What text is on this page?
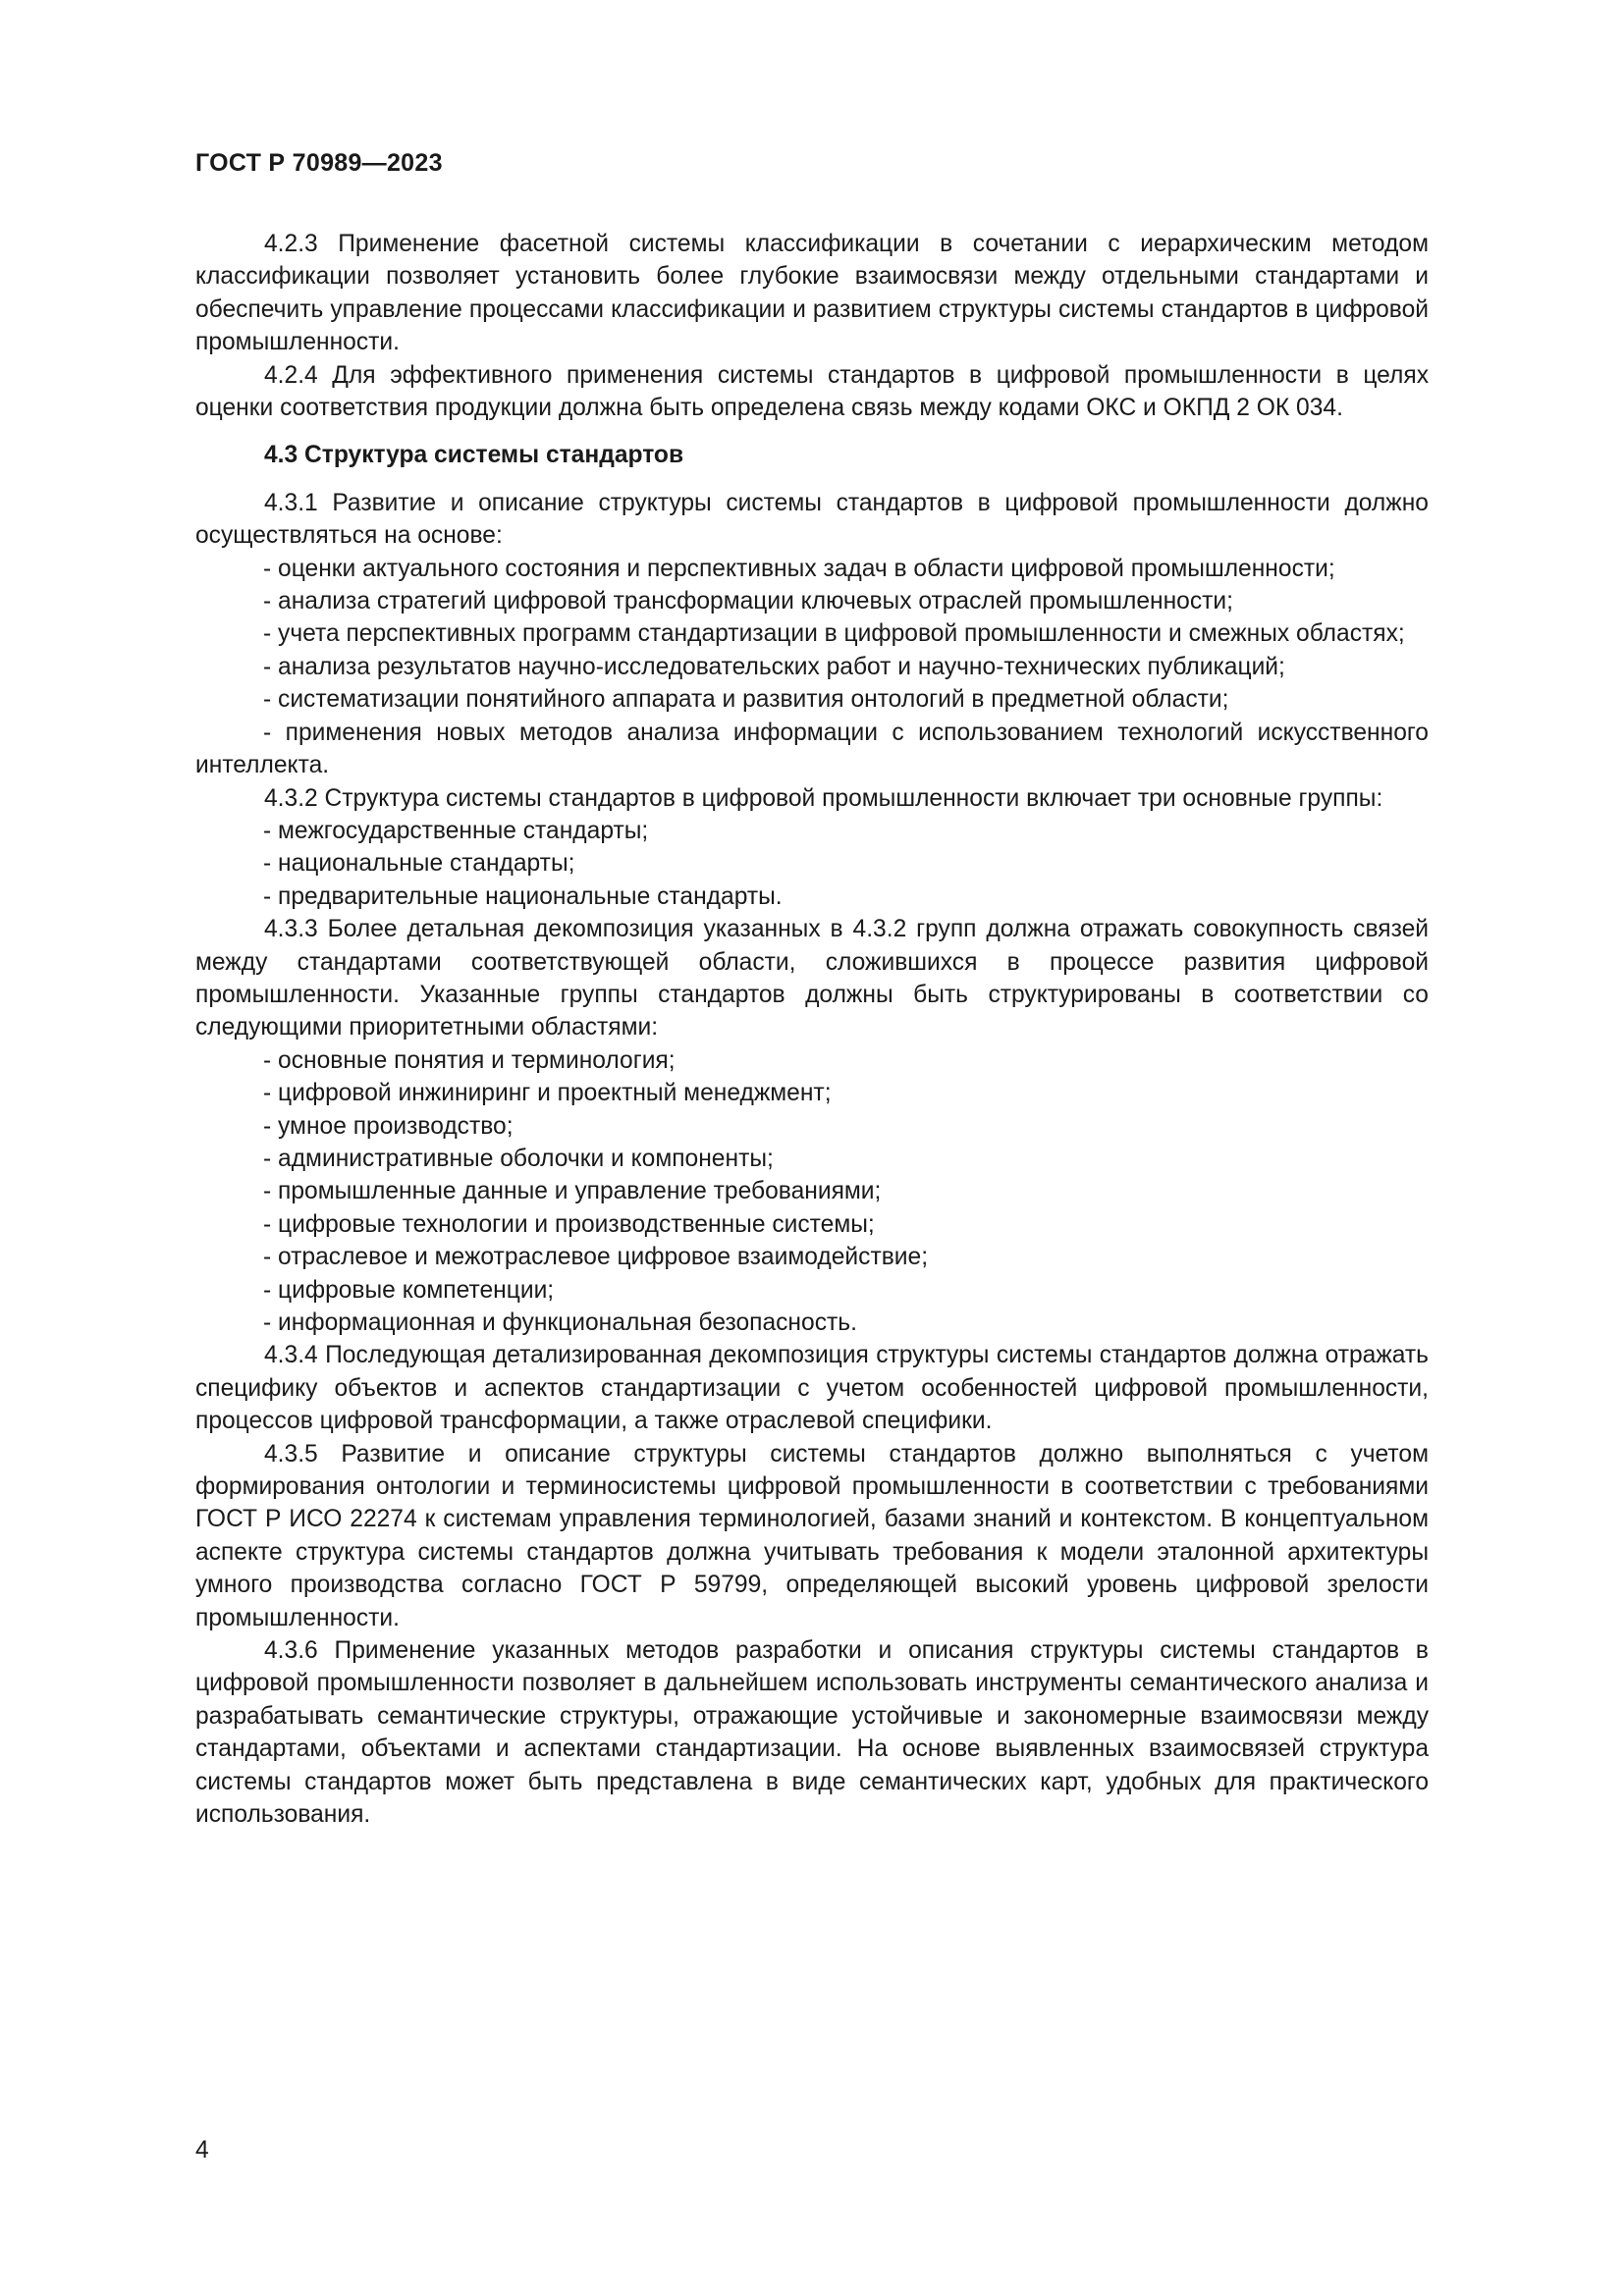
ГОСТ Р 70989—2023

4.2.3 Применение фасетной системы классификации в сочетании с иерархическим методом классификации позволяет установить более глубокие взаимосвязи между отдельными стандартами и обеспечить управление процессами классификации и развитием структуры системы стандартов в цифровой промышленности.

4.2.4 Для эффективного применения системы стандартов в цифровой промышленности в целях оценки соответствия продукции должна быть определена связь между кодами ОКС и ОКПД 2 ОК 034.

4.3 Структура системы стандартов

4.3.1 Развитие и описание структуры системы стандартов в цифровой промышленности должно осуществляться на основе:

- оценки актуального состояния и перспективных задач в области цифровой промышленности;

- анализа стратегий цифровой трансформации ключевых отраслей промышленности;

- учета перспективных программ стандартизации в цифровой промышленности и смежных областях;

- анализа результатов научно-исследовательских работ и научно-технических публикаций;

- систематизации понятийного аппарата и развития онтологий в предметной области;

- применения новых методов анализа информации с использованием технологий искусственного интеллекта.

4.3.2 Структура системы стандартов в цифровой промышленности включает три основные группы:

- межгосударственные стандарты;

- национальные стандарты;

- предварительные национальные стандарты.

4.3.3 Более детальная декомпозиция указанных в 4.3.2 групп должна отражать совокупность связей между стандартами соответствующей области, сложившихся в процессе развития цифровой промышленности. Указанные группы стандартов должны быть структурированы в соответствии со следующими приоритетными областями:

- основные понятия и терминология;

- цифровой инжиниринг и проектный менеджмент;

- умное производство;

- административные оболочки и компоненты;

- промышленные данные и управление требованиями;

- цифровые технологии и производственные системы;

- отраслевое и межотраслевое цифровое взаимодействие;

- цифровые компетенции;

- информационная и функциональная безопасность.

4.3.4 Последующая детализированная декомпозиция структуры системы стандартов должна отражать специфику объектов и аспектов стандартизации с учетом особенностей цифровой промышленности, процессов цифровой трансформации, а также отраслевой специфики.

4.3.5 Развитие и описание структуры системы стандартов должно выполняться с учетом формирования онтологии и терминосистемы цифровой промышленности в соответствии с требованиями ГОСТ Р ИСО 22274 к системам управления терминологией, базами знаний и контекстом. В концептуальном аспекте структура системы стандартов должна учитывать требования к модели эталонной архитектуры умного производства согласно ГОСТ Р 59799, определяющей высокий уровень цифровой зрелости промышленности.

4.3.6 Применение указанных методов разработки и описания структуры системы стандартов в цифровой промышленности позволяет в дальнейшем использовать инструменты семантического анализа и разрабатывать семантические структуры, отражающие устойчивые и закономерные взаимосвязи между стандартами, объектами и аспектами стандартизации. На основе выявленных взаимосвязей структура системы стандартов может быть представлена в виде семантических карт, удобных для практического использования.

4
